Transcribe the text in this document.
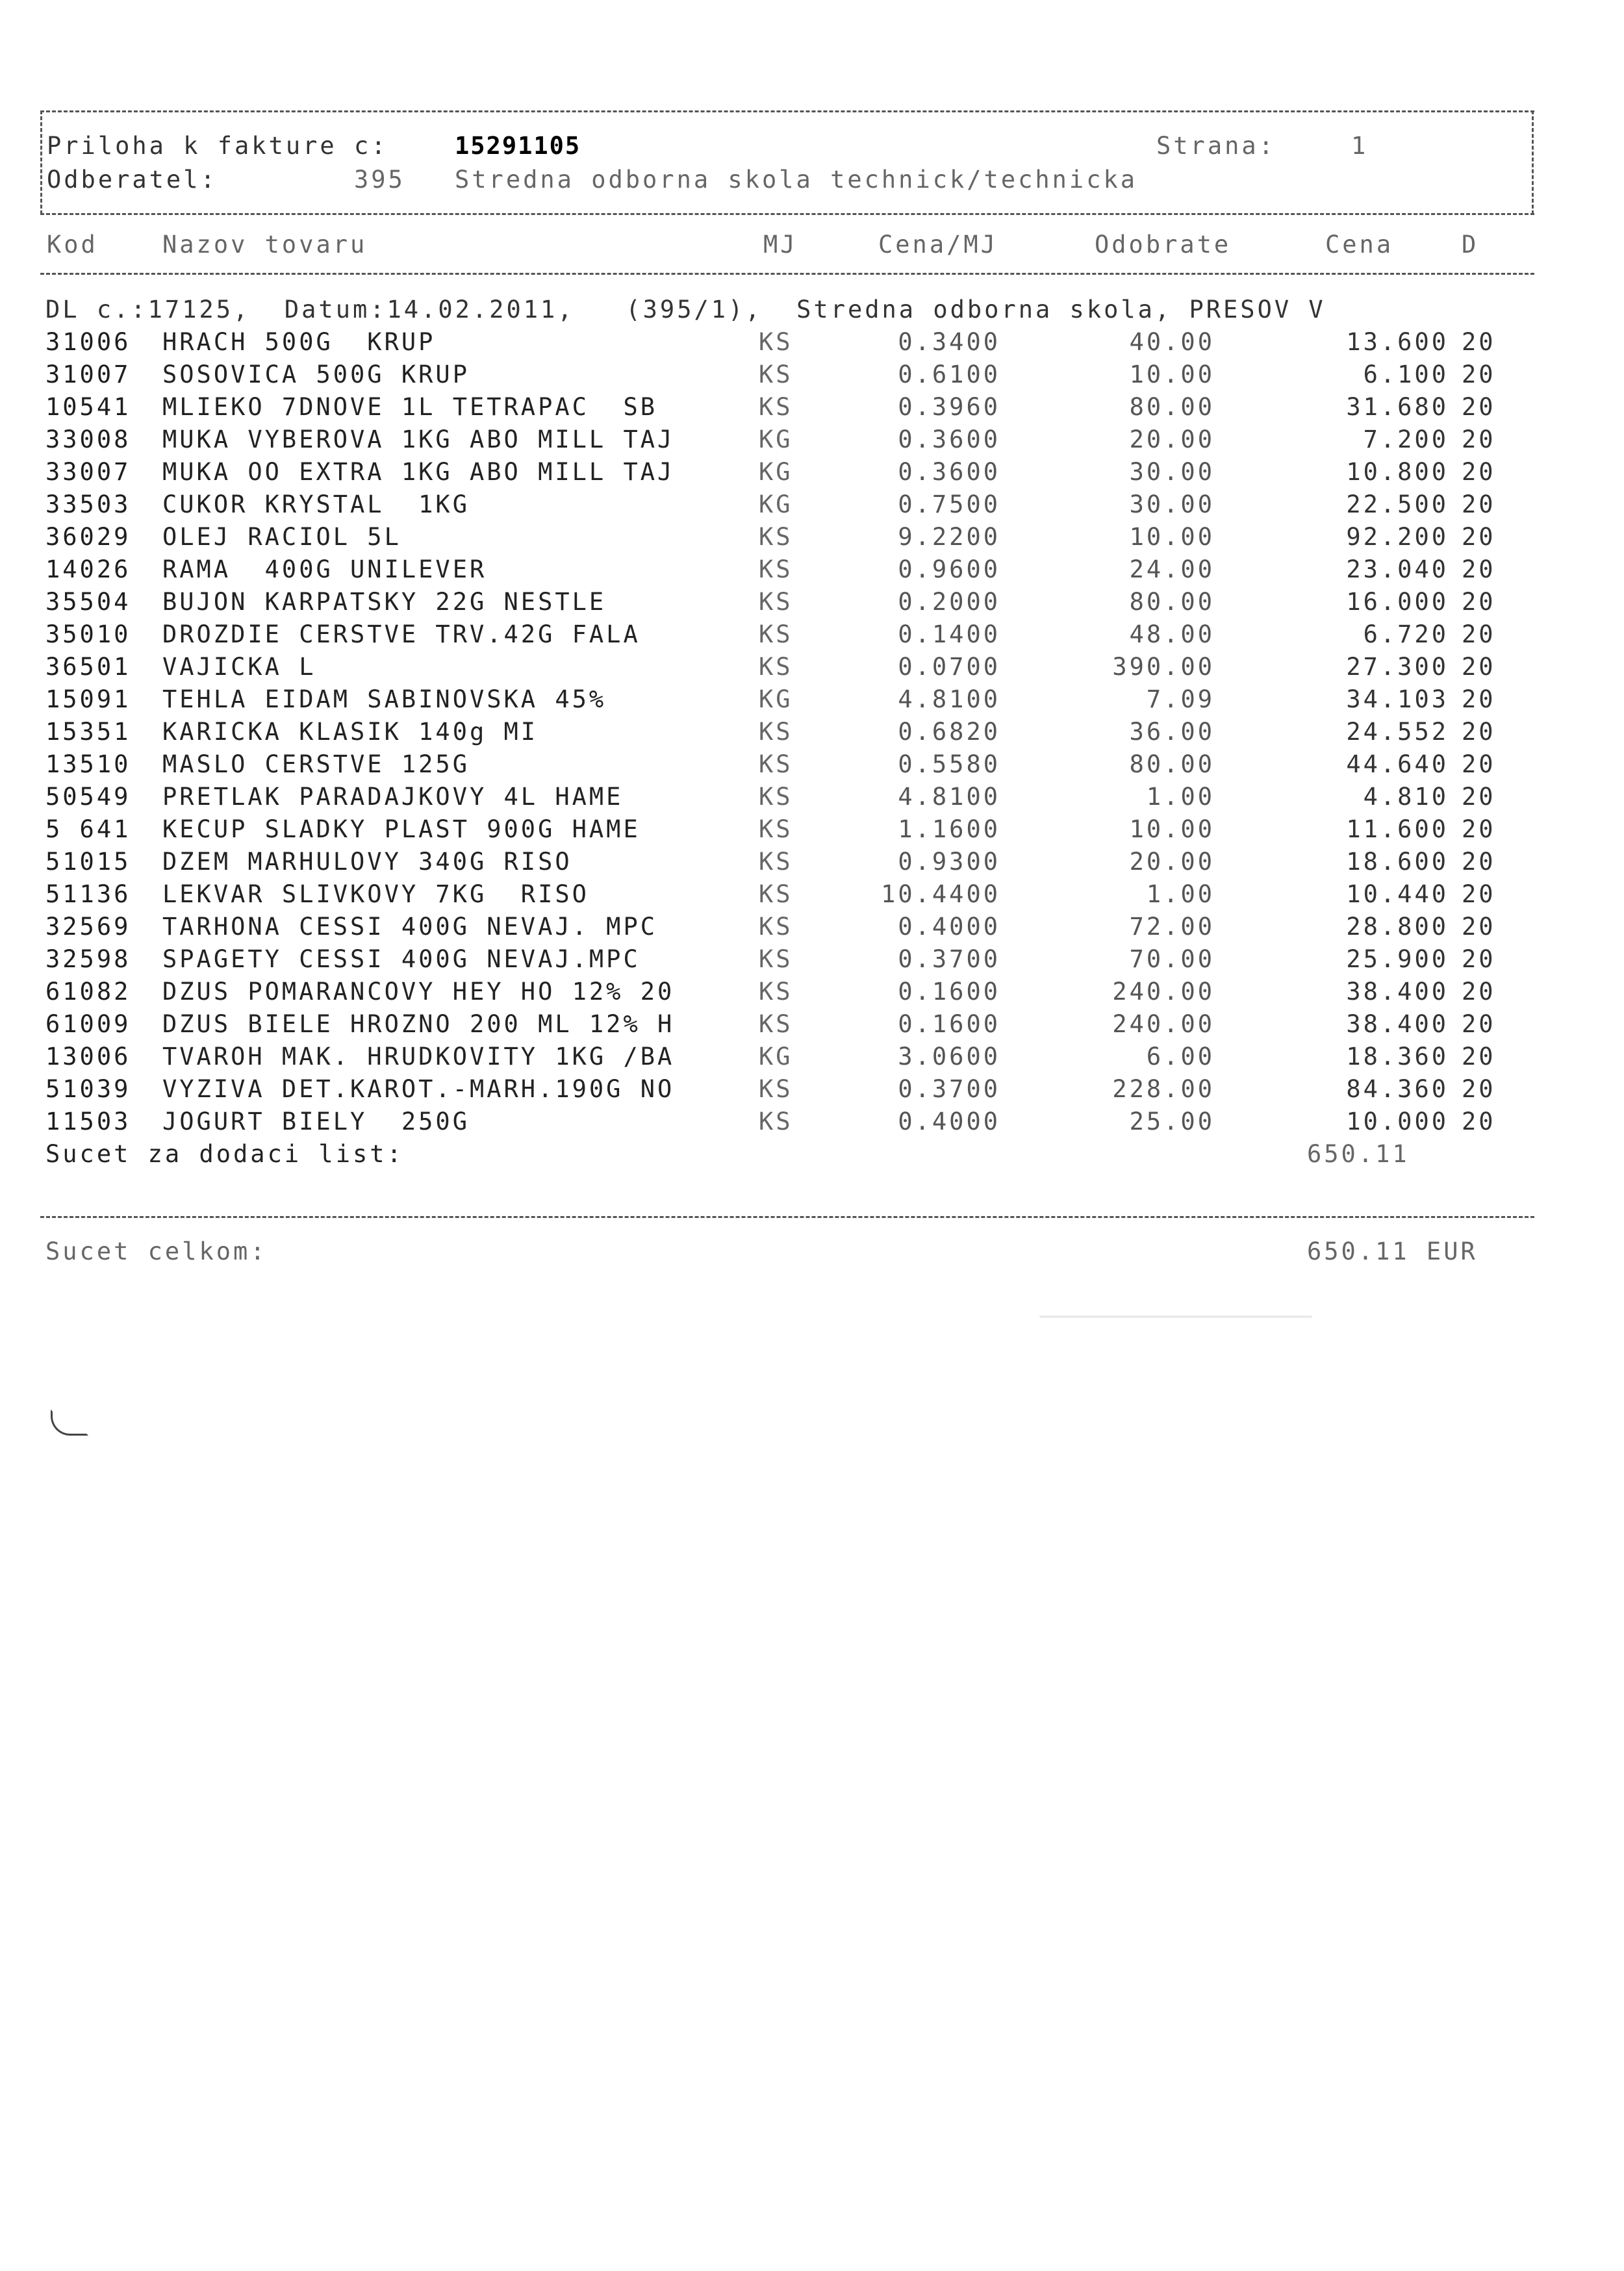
Priloha k fakture c:	15291105	Strana:	1
Odberatel:	395 Stredna odborna skola technick/technicka
Kod	Nazov tovaru	MJ	Cena/MJ	Odobrate	Cena	D
DL c.:17125,  Datum:14.02.2011,   (395/1),  Stredna odborna skola, PRESOV V
31006 HRACH 500G  KRUP	KS	0.3400	40.00	13.600 20
31007 SOSOVICA 500G KRUP	KS	0.6100	10.00	6.100 20
10541 MLIEKO 7DNOVE 1L TETRAPAC  SB	KS	0.3960	80.00	31.680 20
33008 MUKA VYBEROVA 1KG ABO MILL TAJ	KG	0.3600	20.00	7.200 20
33007 MUKA OO EXTRA 1KG ABO MILL TAJ	KG	0.3600	30.00	10.800 20
33503 CUKOR KRYSTAL  1KG	KG	0.7500	30.00	22.500 20
36029 OLEJ RACIOL 5L	KS	9.2200	10.00	92.200 20
14026 RAMA  400G UNILEVER	KS	0.9600	24.00	23.040 20
35504 BUJON KARPATSKY 22G NESTLE	KS	0.2000	80.00	16.000 20
35010 DROZDIE CERSTVE TRV.42G FALA	KS	0.1400	48.00	6.720 20
36501 VAJICKA L	KS	0.0700	390.00	27.300 20
15091 TEHLA EIDAM SABINOVSKA 45%	KG	4.8100	7.09	34.103 20
15351 KARICKA KLASIK 140g MI	KS	0.6820	36.00	24.552 20
13510 MASLO CERSTVE 125G	KS	0.5580	80.00	44.640 20
50549 PRETLAK PARADAJKOVY 4L HAME	KS	4.8100	1.00	4.810 20
5 641 KECUP SLADKY PLAST 900G HAME	KS	1.1600	10.00	11.600 20
51015 DZEM MARHULOVY 340G RISO	KS	0.9300	20.00	18.600 20
51136 LEKVAR SLIVKOVY 7KG  RISO	KS	10.4400	1.00	10.440 20
32569 TARHONA CESSI 400G NEVAJ. MPC	KS	0.4000	72.00	28.800 20
32598 SPAGETY CESSI 400G NEVAJ.MPC	KS	0.3700	70.00	25.900 20
61082 DZUS POMARANCOVY HEY HO 12% 20	KS	0.1600	240.00	38.400 20
61009 DZUS BIELE HROZNO 200 ML 12% H	KS	0.1600	240.00	38.400 20
13006 TVAROH MAK. HRUDKOVITY 1KG /BA	KG	3.0600	6.00	18.360 20
51039 VYZIVA DET.KAROT.-MARH.190G NO	KS	0.3700	228.00	84.360 20
11503 JOGURT BIELY  250G	KS	0.4000	25.00	10.000 20
Sucet za dodaci list:	650.11
Sucet celkom:	650.11 EUR
